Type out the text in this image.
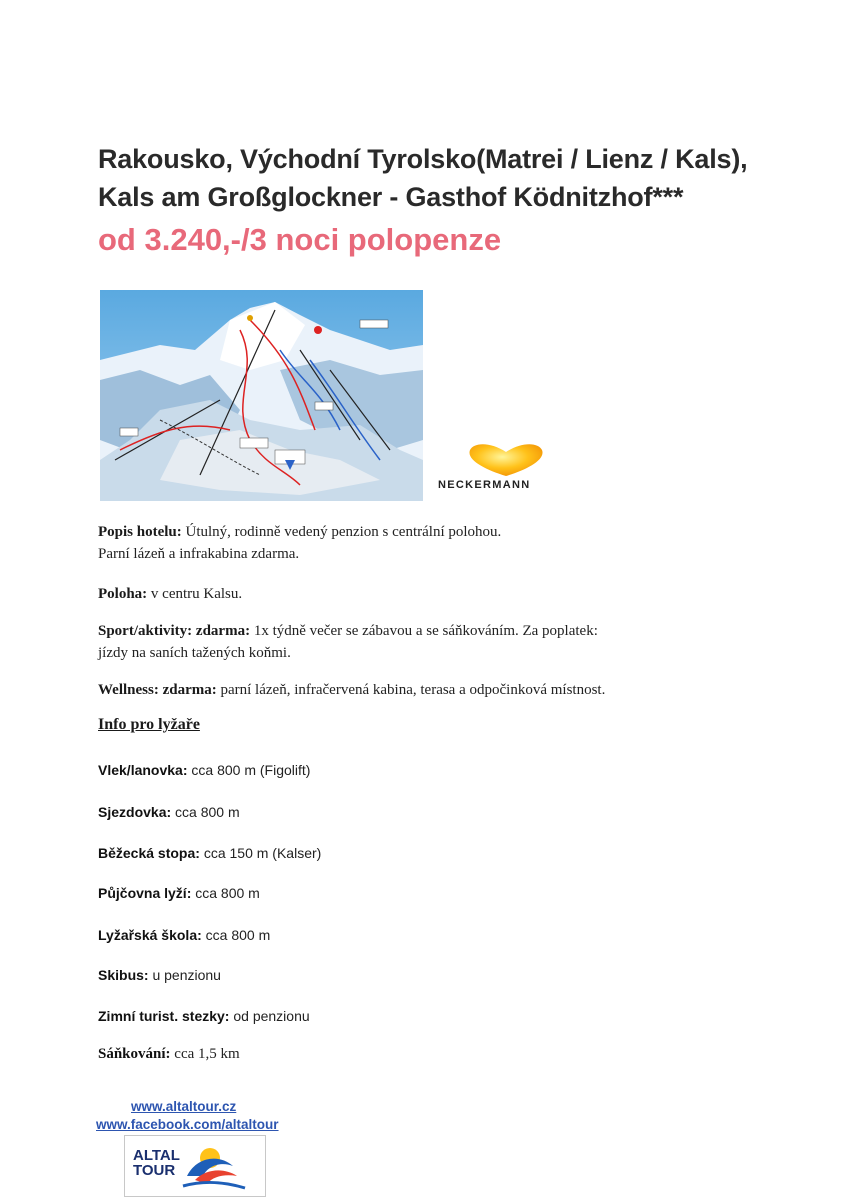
Rakousko, Východní Tyrolsko(Matrei / Lienz / Kals),
Kals am Großglockner - Gasthof Ködnitzhof***
od 3.240,-/3 noci polopenze
NECKERMANN
Popis hotelu: Útulný, rodinně vedený penzion s centrální polohou.
Parní lázeň a infrakabina zdarma.
Poloha: v centru Kalsu.
Sport/aktivity: zdarma: 1x týdně večer se zábavou a se sáňkováním. Za poplatek:
jízdy na saních tažených koňmi.
Wellness: zdarma: parní lázeň, infračervená kabina, terasa a odpočinková místnost.
Info pro lyžaře
Vlek/lanovka: cca 800 m (Figolift)
Sjezdovka: cca 800 m
Běžecká stopa: cca 150 m (Kalser)
Půjčovna lyží: cca 800 m
Lyžařská škola: cca 800 m
Skibus: u penzionu
Zimní turist. stezky: od penzionu
Sáňkování: cca 1,5 km
www.altaltour.cz
www.facebook.com/altaltour
ALTAL
TOUR
